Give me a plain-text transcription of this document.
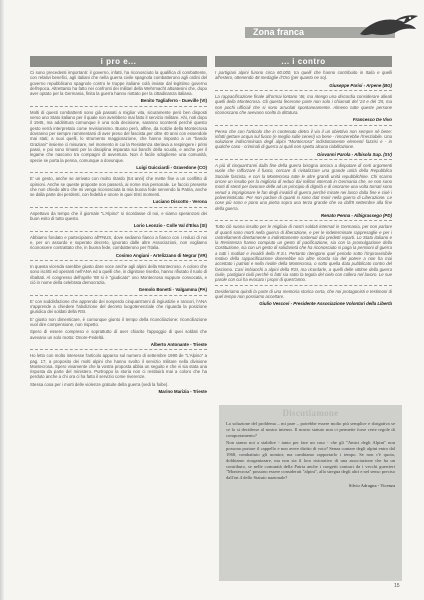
Zona franca
i pro e...

Ci sono precedenti importanti: il governo, infatti, ha riconosciuto la qualifica di combattente, con relativi benefici, agli italiani che nella guerra civile spagnola combatterono agli ordini del governo repubblicano spagnolo contro le truppe italiane colà inviate dal legittimo governo dell'epoca. Altrettanto ha fatto nei confronti dei militari della Wehrmacht altoatesini che, dopo aver optato per la Germania, finita la guerra hanno riottato per la cittadinanza italiana.

Benito Tagliaferro - Dueville (VI)

Molti di questi combattenti sono già passati a miglior vita, sicuramente però ben disposti verso uno Stato italiano per il quale non avrebbero mai fatto il servizio militare. Ahi, noti dopo il 1945, ma addirittura comunque è una sola decisione, saranno scontenti perché questo gesto verrà interpretato come revisionismo. Buono però, alfine, da notizie della Montecrosa dovranno per sempre rammentarsi di aver preso del fascista per oltre 40 anni con essendole mai stati; a suoi quelli, lo strumento maggiorazione, che hanno risposto a un "bando Graziani" insieme ci misurare, nel momento in cui la Resistenza steriava a respingere i primi passi, e poi sono rimasti per la disciplina imparata sui banchi della scuola, e anche per il legame che nascono tra compagni di avventura. Non è facile sdoglierse una comunità, specie se porta la penna, comunque a dovunque.

Luigi Guicciardi - Gravedone (CO)

E' un gesto, anche se arrivato con molto ritardo (54 anni) che mette fine a un conflitto di opinioni. Anche se queste proposte non passerà, ai nome mia personale. Le faccio presente che non chiedo altro che mi venga riconosciuta la mia buona fede servendo la Patria, anche se dalla parte dei perdenti, con fedeltà e onore in quei tristi momenti.

Luciano Discotto - Verona

Aspettavo da tempo che il giornale "L'Alpino" si ricordasse di noi, e siamo speranzosi dei buon esito di tutto questo.

Lorio Leonzio - Colle Val d'Elsa (SI)

Abbiamo fondato e partecipiamo all'FNUS, dove sediamo fianco a fianco con i reduci di noi e, per un assurdo e superato decreto, ignorato dalle altre Associazioni, non vogliamo riconoscere contrattato che, in buona fede, combatterono per l'Italia.

Cosimo Angiani - Artelizzano di Negrar (VR)

In questa vicenda sarebbe giusto dare voce anche agli alpini della Montecroso. A coloro che sono iscritti ed operanti nell'ANA ed a quelli che, in dignitose riserbo, hanno rifiutato il ruolo di ribaltati. Al congresso dell'aprile '88 si è "giudicato" uno Montecrosa nuppure convocata, e ciò in nome della celebrata democrazia.

Gemolo Bonetti - Valgamma (PA)

E' con soddisfazione che apprendo dei nonperdo cinquant'anni di ingiustizie e rancori, l'ANA s'apprende a chiedere l'abolizione del decreto luogotenenziale che riguarda la posizione giuridica dei soldati della RSI.

E' giusto non dimenticare, è comunque giunto il tempo della riconciliazione: riconciliazione vuol dire compensione, non rispetto.

Spero di essere compreso e soprattutto di aver chiarito l'appoggio di quei soldati che avevano un solo motto: Onore-Fedeltà.

Alberto Antonante - Trieste

Ho letto con molto interesse l'articolo apparso sul numero di settembre 1990 de "L'Alpino" a pag. 17, a proposito dei molti alpini che hanno svolto il servizio militare nella divisione Montecrosa. Spero vivamente che la vostra proposta abbia un seguito e che vi sia stata una risposta da parte del ministero. Purtroppo la storia non ci restituirà mai a coloro che ha perduto anche a chi ora ci ha fatto il servizio come riverenze.

Stessa cosa per i morti delle violenze gratuite della guerra (vedi la foibe).

Marino Marizia - Trieste
... i contro

I partigiani alpini furono circa 60.000, tra quelli che hanno contribuito in Italia e quelli all'estero, ottenendo 48 medaglie d'Oro (per quanto ne so).

Giuseppe Parisi - Arpene (BG)

La rappacificazione finale all'ormai lontano '46, ma ritengo una discordia considerare alleati quelli della Montecrosa. Gli questa fecerone parte non solo i chiamati del '24 e del '25, ma non pochi ufficiali che si sono arruolati spontaneamente. Almeno tutte queste persone riconoscano che avevano scelto la dittatura.

Francesco De Vivo

Penso che con l'articolo che in contenuto dietro il via il un obiettivo non sempre nè bene: infatti gettare acqua sul fuoco (e meglio sulle ceneri) va bene - rimozerebbe l'inerziabile. Una soluzione indiscriminata degli alpini "Montecrosa" indistintamente elementi fazzisi e - in qualche caso - criminali di guerra ai quali non spetta alcuna riabilitazione.

Giovanni Parola - Albisola Sup. (SV)

A più di cinquant'anni dalla fine della guerra bisogna ancora a disputare di certi argomenti vuole che rafforzare il fuoco, cercare di rivitalizzare una grande unità della Repubblica Sociale fascista, e con la Montecrosa tutte le altre grandi unità repubblichine. Chi scarno orrore un insulto per la miglioria di reduci dai militari internati in Germania che, se non sono morti di stenti per lavorare delle ad un principio di dignità e di onorarne una volta tornati sono venuti a imprigionare le fan degli invalidi di guerra perché mirate nei lasco dalla fine e cioè i polverinisticato. Per non parlare di quanti si sono dati morir nella guerra di Liberazione. Le cose più sono e pono una pietra sopra una terza grande che va dall'8 settembre alla fine della guerra.

Renato Penna - Albigrassego (PD)

Tutto ciò suona insulto per le migliaia di nostri soldati internati in Germania, per non parlare di quanti sono morti nella guerra di liberazione, e per le indeterminate rappresaglie e per i rastrellamenti direttamente o indirettamente sostenuti dai predetti reparti. Lo Stato italiano e la Resistenza hanno compiuto un gesto di pacificazione, sia con la promulgazione della Costituzione, sia con un gesto di solidarietà che ha riconosciuto si paga la pensioni di guerra a tutti i mutilati e invalidi della R.S.I. Pertanto ritengono quel periodo sotto l'improvvisibile motivo della rappacificazione donerebbe sia altre ricorda sia del potere a non ha mai accettato i patrioti e nella rivolte della Montecrosa, o sotto quella data pubblicato contro del fascismo. Casi imbianchi a alpini della RSI, ma ricordarle, a quelli delle vittime della guerra civile, partigiani civili perché si fatti sia sotto la tegola del cielo con collera nel lavoro. Le sue parole con cui ha evocato i propri di quest'anno.

Desideriamo quindi la parte di una memoria storica certa, che noi protagonisti e testimoni di quel tempo non possiamo accettare.

Giulio Vescovi - Presidente Associazione Volontari della Libertà
Discutiamone

La soluzione del problema – mi pare – potrebbe essere molto più semplice e sbrigativa se ce lo si decidesse al nostro interno. Il nostro statuto non ci permette forse certe regole di comportamento?

Non siamo noi a stabilire - tanto per fare un caso - che gli "Amici degli Alpini" non possono portare il cappello e non avere diritto di voto? Senza contare degli alpini entro dal 1968, combattuto gli uomini; ma cambiamo rapportarlo i tempo. Se non c'è quota, dobbiamo riorganizzare, ma non sia il loro ristorativo di una associazione che ha un contributo, se nelle comunità della Patria anche i congetti contrari da i vecchi guerrieri "Montecrosa" possono essere considerati "alpini", alla stregua degli altri e nel senso preciso dall'art.4 dello Statuto nazionale?

Silvio Adragna - Vicenza
15
